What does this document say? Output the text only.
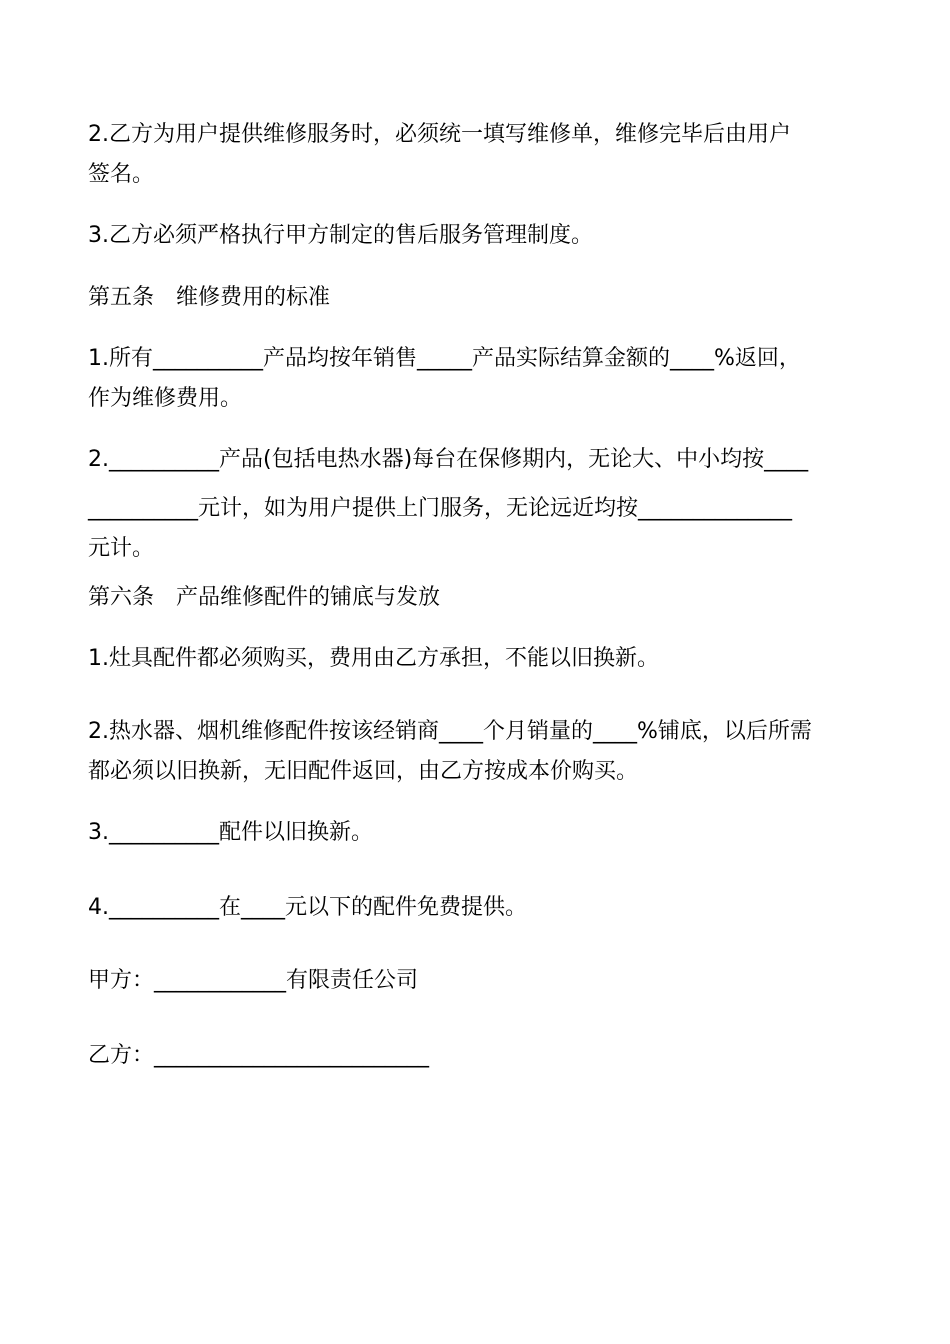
2.乙方为用户提供维修服务时，必须统一填写维修单，维修完毕后由用户
签名。
3.乙方必须严格执行甲方制定的售后服务管理制度。
第五条　维修费用的标准
1.所有__________产品均按年销售_____产品实际结算金额的____%返回，
作为维修费用。
2.__________产品(包括电热水器)每台在保修期内，无论大、中小均按____
__________元计，如为用户提供上门服务，无论远近均按______________
元计。
第六条　产品维修配件的铺底与发放
1.灶具配件都必须购买，费用由乙方承担，不能以旧换新。
2.热水器、烟机维修配件按该经销商____个月销量的____%铺底，以后所需
都必须以旧换新，无旧配件返回，由乙方按成本价购买。
3.__________配件以旧换新。
4.__________在____元以下的配件免费提供。
甲方：____________有限责任公司
乙方：_________________________
